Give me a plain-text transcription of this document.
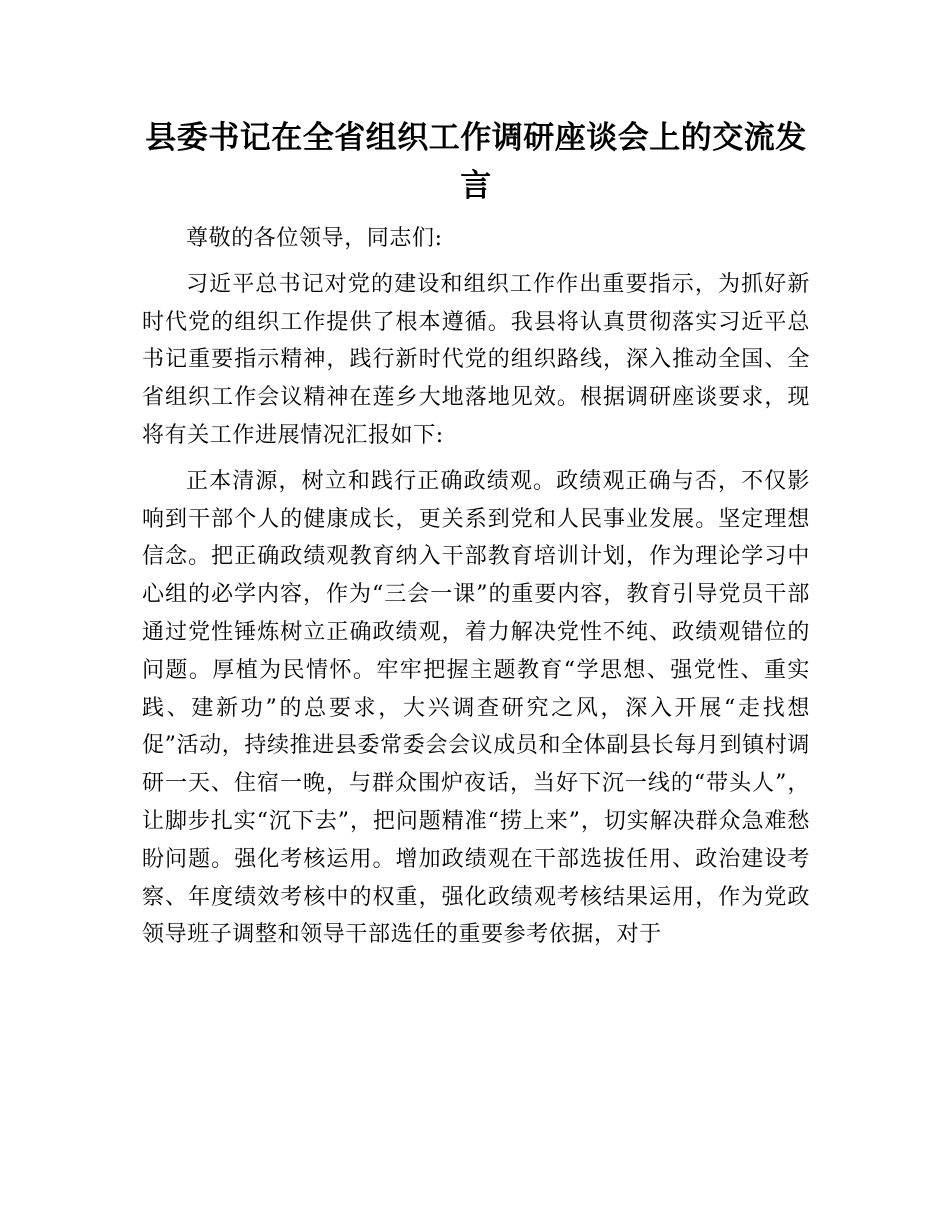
县委书记在全省组织工作调研座谈会上的交流发言

尊敬的各位领导，同志们:

习近平总书记对党的建设和组织工作作出重要指示，为抓好新时代党的组织工作提供了根本遵循。我县将认真贯彻落实习近平总书记重要指示精神，践行新时代党的组织路线，深入推动全国、全省组织工作会议精神在莲乡大地落地见效。根据调研座谈要求，现将有关工作进展情况汇报如下:

正本清源，树立和践行正确政绩观。政绩观正确与否，不仅影响到干部个人的健康成长，更关系到党和人民事业发展。坚定理想信念。把正确政绩观教育纳入干部教育培训计划，作为理论学习中心组的必学内容，作为“三会一课”的重要内容，教育引导党员干部通过党性锤炼树立正确政绩观，着力解决党性不纯、政绩观错位的问题。厚植为民情怀。牢牢把握主题教育“学思想、强党性、重实践、建新功”的总要求，大兴调查研究之风，深入开展“走找想促”活动，持续推进县委常委会会议成员和全体副县长每月到镇村调研一天、住宿一晚，与群众围炉夜话，当好下沉一线的“带头人”，让脚步扎实“沉下去”，把问题精准“捞上来”，切实解决群众急难愁盼问题。强化考核运用。增加政绩观在干部选拔任用、政治建设考察、年度绩效考核中的权重，强化政绩观考核结果运用，作为党政领导班子调整和领导干部选任的重要参考依据，对于
